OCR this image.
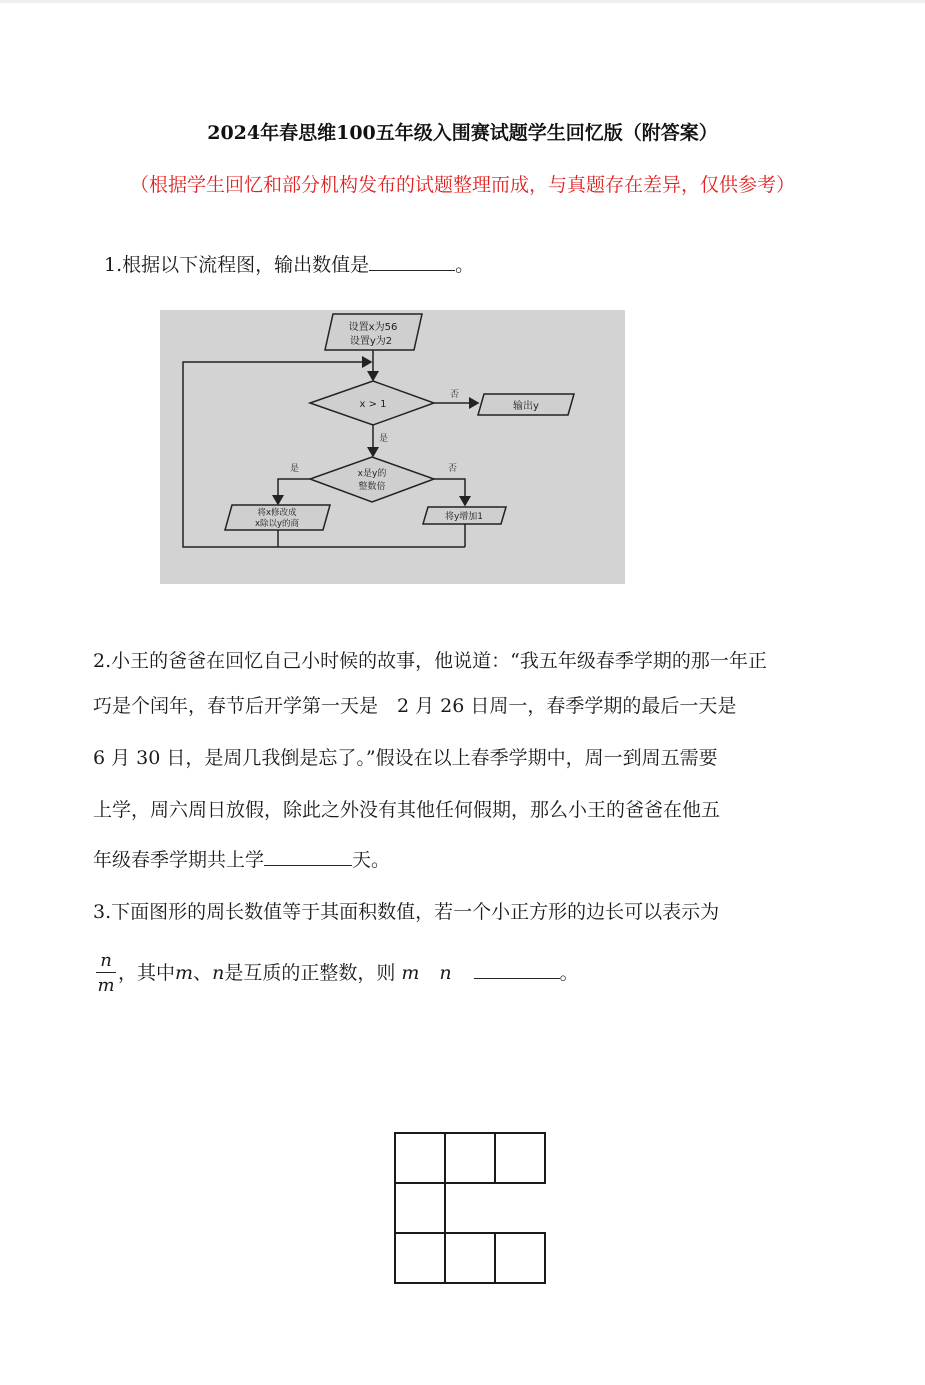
2024年春思维100五年级入围赛试题学生回忆版（附答案）
（根据学生回忆和部分机构发布的试题整理而成，与真题存在差异，仅供参考）
1.根据以下流程图，输出数值是	。
设置x为56
设置y为2
x > 1
否
输出y
是
x是y的
整数倍
是	否
将x修改成
x除以y的商
将y增加1
2.小王的爸爸在回忆自己小时候的故事，他说道：“我五年级春季学期的那一年正
巧是个闰年，春节后开学第一天是　2 月 26 日周一，春季学期的最后一天是
6 月 30 日，是周几我倒是忘了。”假设在以上春季学期中，周一到周五需要
上学，周六周日放假，除此之外没有其他任何假期，那么小王的爸爸在他五
年级春季学期共上学	天。
3.下面图形的周长数值等于其面积数值，若一个小正方形的边长可以表示为
n
m
，其中m、n是互质的正整数，则 m n	。
